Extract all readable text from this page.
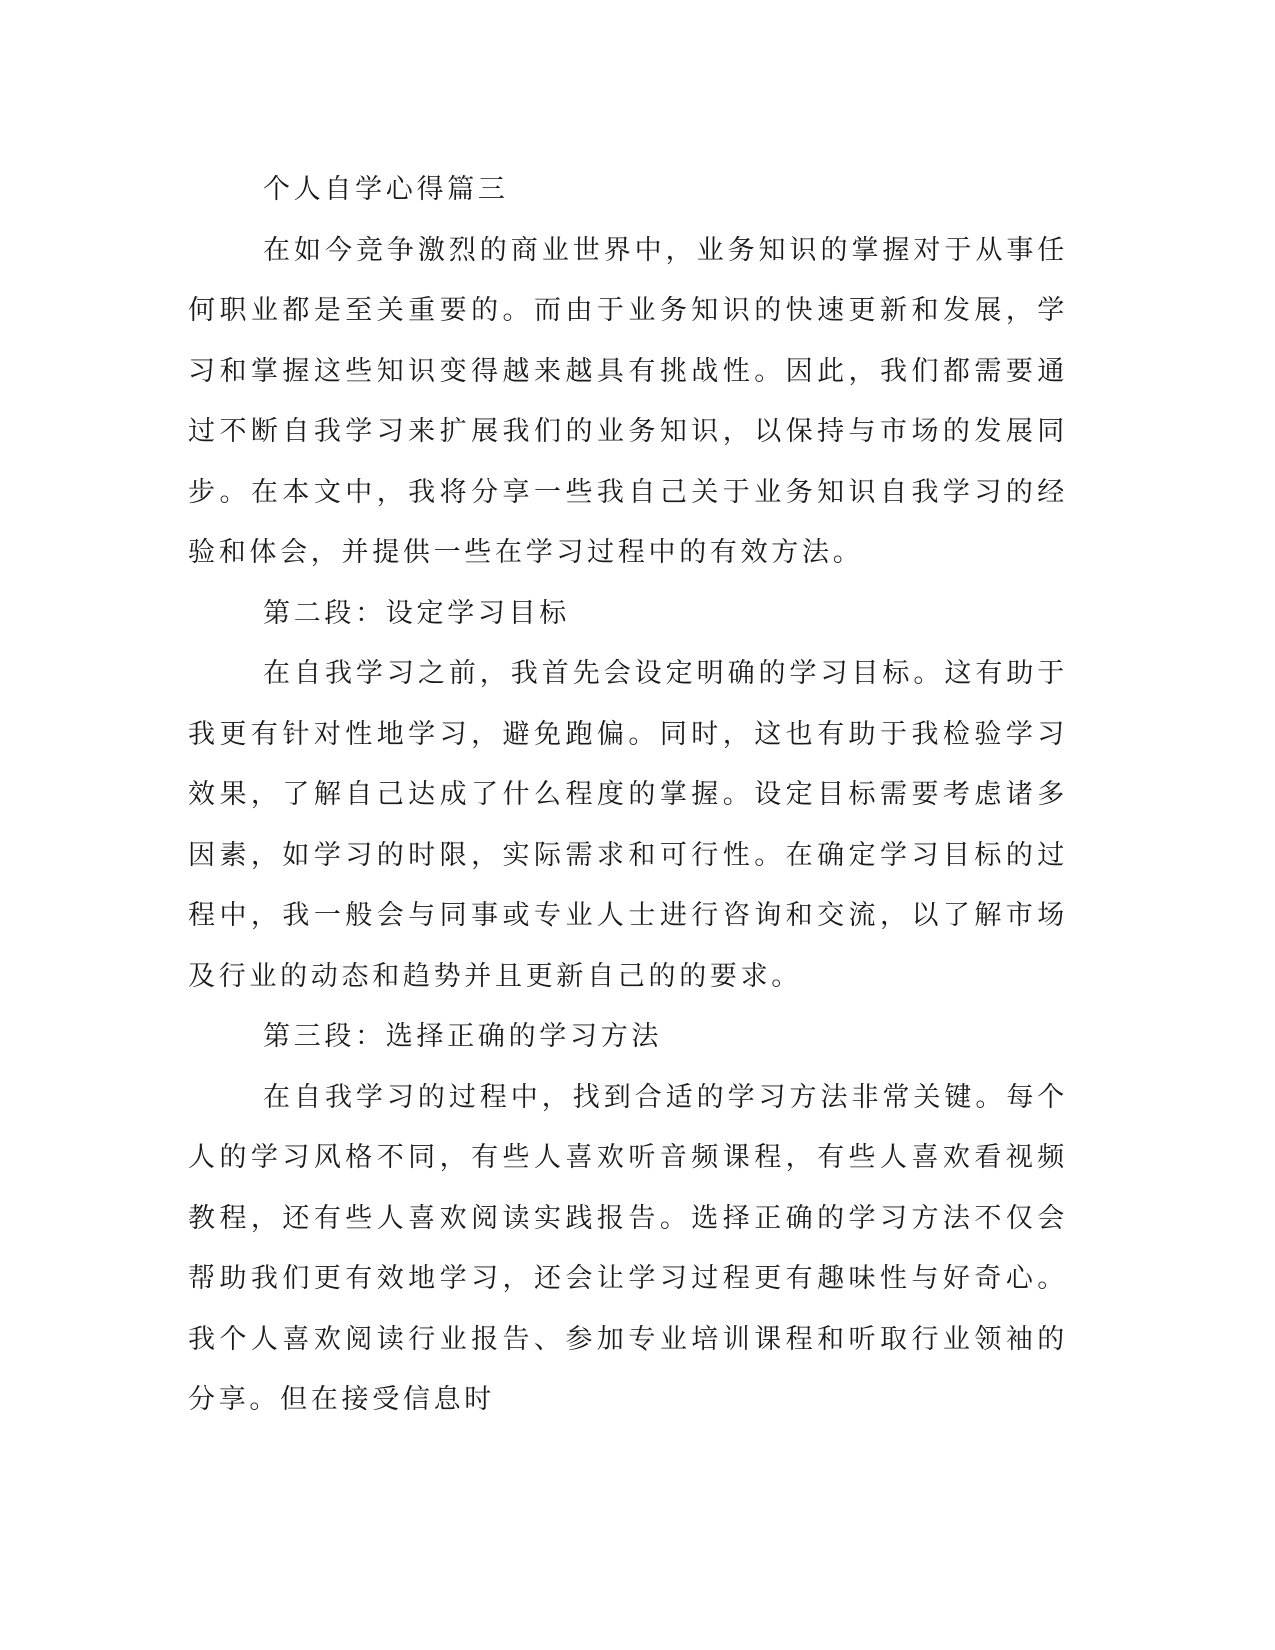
个人自学心得篇三

在如今竞争激烈的商业世界中，业务知识的掌握对于从事任何职业都是至关重要的。而由于业务知识的快速更新和发展，学习和掌握这些知识变得越来越具有挑战性。因此，我们都需要通过不断自我学习来扩展我们的业务知识，以保持与市场的发展同步。在本文中，我将分享一些我自己关于业务知识自我学习的经验和体会，并提供一些在学习过程中的有效方法。

第二段：设定学习目标

在自我学习之前，我首先会设定明确的学习目标。这有助于我更有针对性地学习，避免跑偏。同时，这也有助于我检验学习效果，了解自己达成了什么程度的掌握。设定目标需要考虑诸多因素，如学习的时限，实际需求和可行性。在确定学习目标的过程中，我一般会与同事或专业人士进行咨询和交流，以了解市场及行业的动态和趋势并且更新自己的的要求。

第三段：选择正确的学习方法

在自我学习的过程中，找到合适的学习方法非常关键。每个人的学习风格不同，有些人喜欢听音频课程，有些人喜欢看视频教程，还有些人喜欢阅读实践报告。选择正确的学习方法不仅会帮助我们更有效地学习，还会让学习过程更有趣味性与好奇心。我个人喜欢阅读行业报告、参加专业培训课程和听取行业领袖的分享。但在接受信息时
